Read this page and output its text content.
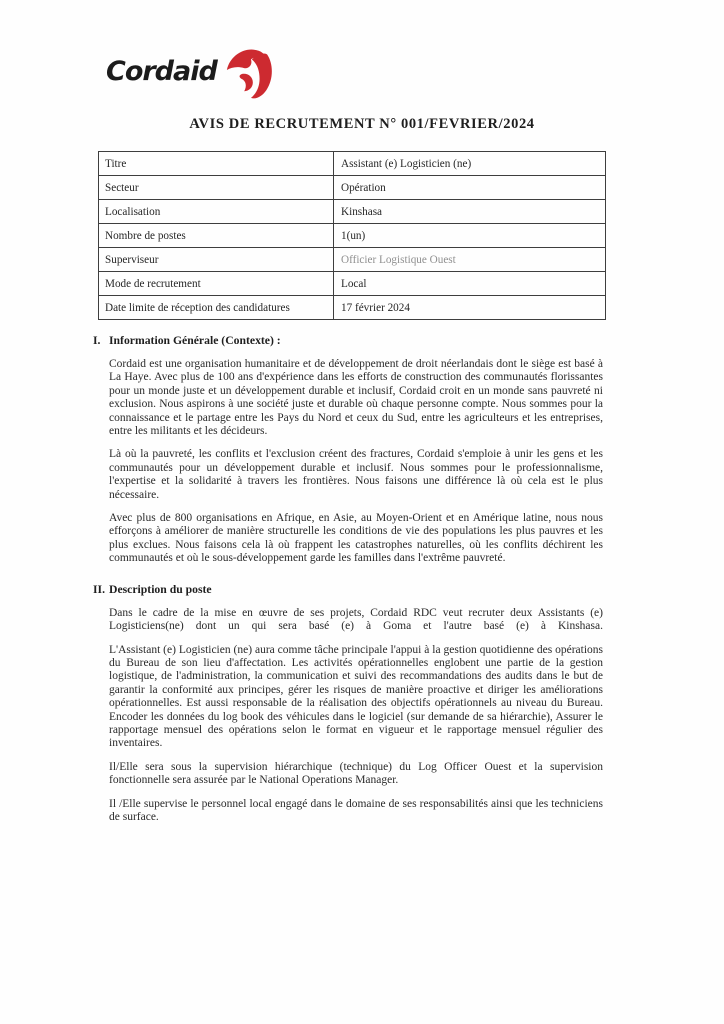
Cordaid
AVIS DE RECRUTEMENT N° 001/FEVRIER/2024
Titre	Assistant (e) Logisticien (ne)
Secteur	Opération
Localisation	Kinshasa
Nombre de postes	1(un)
Superviseur	Officier Logistique Ouest
Mode de recrutement	Local
Date limite de réception des candidatures	17 février 2024
I. Information Générale (Contexte) :

Cordaid est une organisation humanitaire et de développement de droit néerlandais dont le siège est basé à La Haye. Avec plus de 100 ans d'expérience dans les efforts de construction des communautés florissantes pour un monde juste et un développement durable et inclusif, Cordaid croit en un monde sans pauvreté ni exclusion. Nous aspirons à une société juste et durable où chaque personne compte. Nous sommes pour la connaissance et le partage entre les Pays du Nord et ceux du Sud, entre les agriculteurs et les entreprises, entre les militants et les décideurs.

Là où la pauvreté, les conflits et l'exclusion créent des fractures, Cordaid s'emploie à unir les gens et les communautés pour un développement durable et inclusif. Nous sommes pour le professionnalisme, l'expertise et la solidarité à travers les frontières. Nous faisons une différence là où cela est le plus nécessaire.

Avec plus de 800 organisations en Afrique, en Asie, au Moyen-Orient et en Amérique latine, nous nous efforçons à améliorer de manière structurelle les conditions de vie des populations les plus pauvres et les plus exclues. Nous faisons cela là où frappent les catastrophes naturelles, où les conflits déchirent les communautés et où le sous-développement garde les familles dans l'extrême pauvreté.

II. Description du poste

Dans le cadre de la mise en œuvre de ses projets, Cordaid RDC veut recruter deux Assistants (e) Logisticiens(ne) dont un qui sera basé (e) à Goma et l'autre basé (e) à Kinshasa.

L'Assistant (e) Logisticien (ne) aura comme tâche principale l'appui à la gestion quotidienne des opérations du Bureau de son lieu d'affectation. Les activités opérationnelles englobent une partie de la gestion logistique, de l'administration, la communication et suivi des recommandations des audits dans le but de garantir la conformité aux principes, gérer les risques de manière proactive et diriger les améliorations opérationnelles. Est aussi responsable de la réalisation des objectifs opérationnels au niveau du Bureau. Encoder les données du log book des véhicules dans le logiciel (sur demande de sa hiérarchie), Assurer le rapportage mensuel des opérations selon le format en vigueur et le rapportage mensuel régulier des inventaires.

Il/Elle sera sous la supervision hiérarchique (technique) du Log Officer Ouest et la supervision fonctionnelle sera assurée par le National Operations Manager.

Il /Elle supervise le personnel local engagé dans le domaine de ses responsabilités ainsi que les techniciens de surface.
